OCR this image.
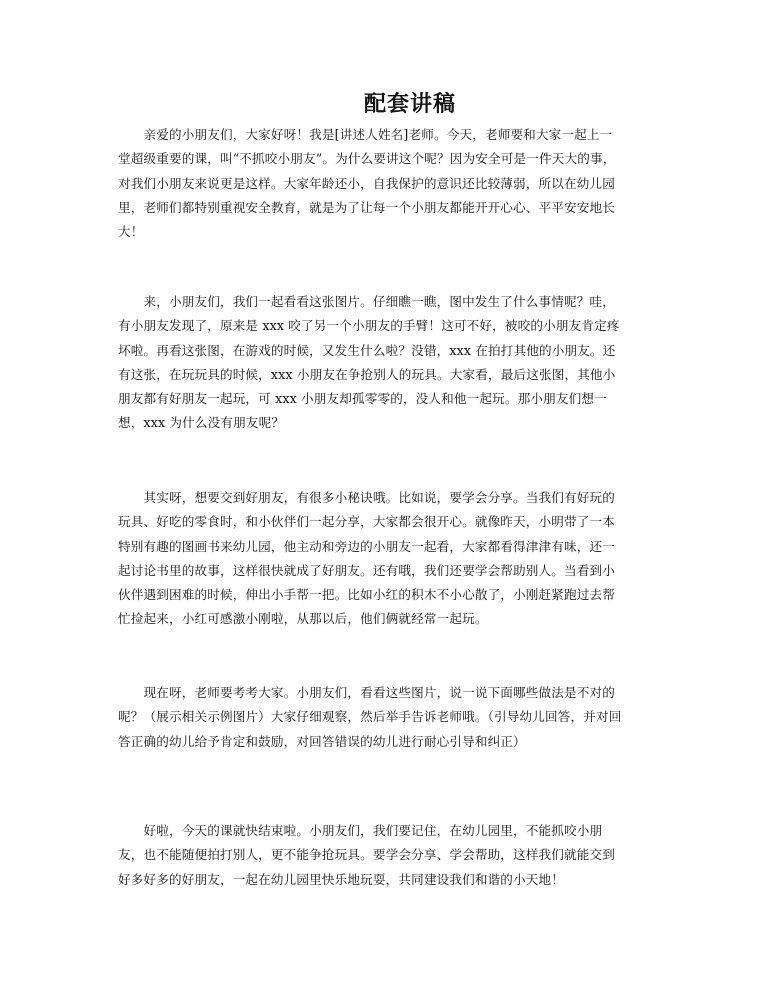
配套讲稿

　　亲爱的小朋友们，大家好呀！我是[讲述人姓名]老师。今天，老师要和大家一起上一
堂超级重要的课，叫“不抓咬小朋友”。为什么要讲这个呢？因为安全可是一件天大的事，
对我们小朋友来说更是这样。大家年龄还小，自我保护的意识还比较薄弱，所以在幼儿园
里，老师们都特别重视安全教育，就是为了让每一个小朋友都能开开心心、平平安安地长
大！

　　来，小朋友们，我们一起看看这张图片。仔细瞧一瞧，图中发生了什么事情呢？哇，
有小朋友发现了，原来是 xxx 咬了另一个小朋友的手臂！这可不好，被咬的小朋友肯定疼
坏啦。再看这张图，在游戏的时候，又发生什么啦？没错，xxx 在拍打其他的小朋友。还
有这张，在玩玩具的时候，xxx 小朋友在争抢别人的玩具。大家看，最后这张图，其他小
朋友都有好朋友一起玩，可 xxx 小朋友却孤零零的，没人和他一起玩。那小朋友们想一
想，xxx 为什么没有朋友呢？

　　其实呀，想要交到好朋友，有很多小秘诀哦。比如说，要学会分享。当我们有好玩的
玩具、好吃的零食时，和小伙伴们一起分享，大家都会很开心。就像昨天，小明带了一本
特别有趣的图画书来幼儿园，他主动和旁边的小朋友一起看，大家都看得津津有味，还一
起讨论书里的故事，这样很快就成了好朋友。还有哦，我们还要学会帮助别人。当看到小
伙伴遇到困难的时候，伸出小手帮一把。比如小红的积木不小心散了，小刚赶紧跑过去帮
忙捡起来，小红可感激小刚啦，从那以后，他们俩就经常一起玩。

　　现在呀，老师要考考大家。小朋友们，看看这些图片，说一说下面哪些做法是不对的
呢？（展示相关示例图片）大家仔细观察，然后举手告诉老师哦。（引导幼儿回答，并对回
答正确的幼儿给予肯定和鼓励，对回答错误的幼儿进行耐心引导和纠正）

　　好啦，今天的课就快结束啦。小朋友们，我们要记住，在幼儿园里，不能抓咬小朋
友，也不能随便拍打别人，更不能争抢玩具。要学会分享、学会帮助，这样我们就能交到
好多好多的好朋友，一起在幼儿园里快乐地玩耍，共同建设我们和谐的小天地！
